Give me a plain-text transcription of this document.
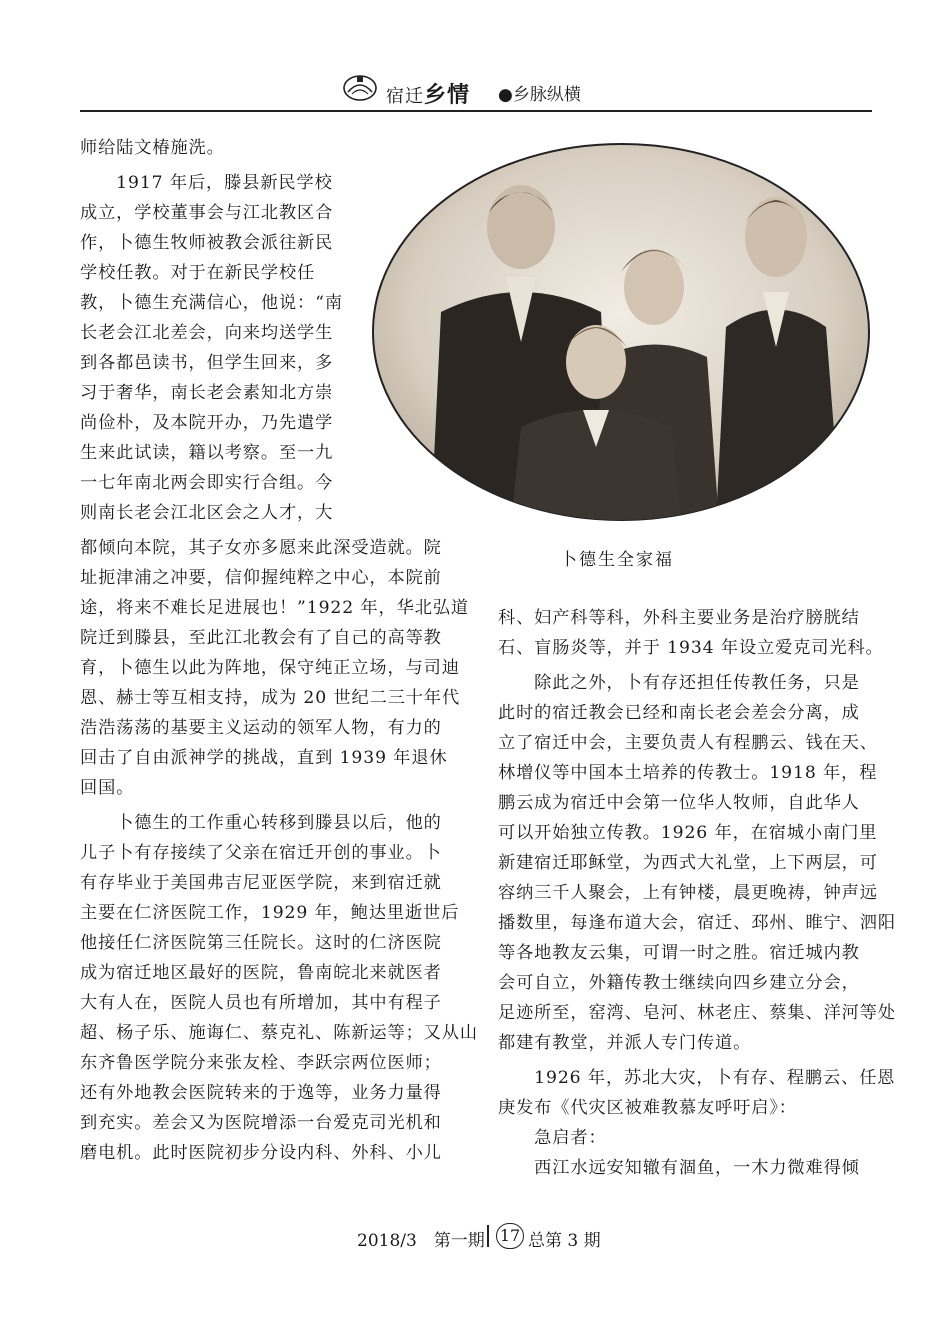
宿迁乡情 ●乡脉纵横
师给陆文椿施洗。
　　1917 年后，滕县新民学校
成立，学校董事会与江北教区合
作，卜德生牧师被教会派往新民
学校任教。对于在新民学校任
教，卜德生充满信心，他说：“南
长老会江北差会，向来均送学生
到各都邑读书，但学生回来，多
习于奢华，南长老会素知北方崇
尚俭朴，及本院开办，乃先遣学
生来此试读，籍以考察。至一九
一七年南北两会即实行合组。今
则南长老会江北区会之人才，大
都倾向本院，其子女亦多愿来此深受造就。院
址扼津浦之冲要，信仰握纯粹之中心，本院前
途，将来不难长足进展也！”1922 年，华北弘道
院迁到滕县，至此江北教会有了自己的高等教
育，卜德生以此为阵地，保守纯正立场，与司迪
恩、赫士等互相支持，成为 20 世纪二三十年代
浩浩荡荡的基要主义运动的领军人物，有力的
回击了自由派神学的挑战，直到 1939 年退休
回国。
　　卜德生的工作重心转移到滕县以后，他的
儿子卜有存接续了父亲在宿迁开创的事业。卜
有存毕业于美国弗吉尼亚医学院，来到宿迁就
主要在仁济医院工作，1929 年，鲍达里逝世后
他接任仁济医院第三任院长。这时的仁济医院
成为宿迁地区最好的医院，鲁南皖北来就医者
大有人在，医院人员也有所增加，其中有程子
超、杨子乐、施诲仁、蔡克礼、陈新运等；又从山
东齐鲁医学院分来张友栓、李跃宗两位医师；
还有外地教会医院转来的于逸等，业务力量得
到充实。差会又为医院增添一台爱克司光机和
磨电机。此时医院初步分设内科、外科、小儿
卜德生全家福
科、妇产科等科，外科主要业务是治疗膀胱结
石、盲肠炎等，并于 1934 年设立爱克司光科。
　　除此之外，卜有存还担任传教任务，只是
此时的宿迁教会已经和南长老会差会分离，成
立了宿迁中会，主要负责人有程鹏云、钱在天、
林增仪等中国本土培养的传教士。1918 年，程
鹏云成为宿迁中会第一位华人牧师，自此华人
可以开始独立传教。1926 年，在宿城小南门里
新建宿迁耶稣堂，为西式大礼堂，上下两层，可
容纳三千人聚会，上有钟楼，晨更晚祷，钟声远
播数里，每逢布道大会，宿迁、邳州、睢宁、泗阳
等各地教友云集，可谓一时之胜。宿迁城内教
会可自立，外籍传教士继续向四乡建立分会，
足迹所至，窑湾、皂河、林老庄、蔡集、洋河等处
都建有教堂，并派人专门传道。
　　1926 年，苏北大灾，卜有存、程鹏云、任恩
庚发布《代灾区被难教慕友呼吁启》：
　　急启者：
　　西江水远安知辙有涸鱼，一木力微难得倾
2018/3　第一期 17 总第 3 期
